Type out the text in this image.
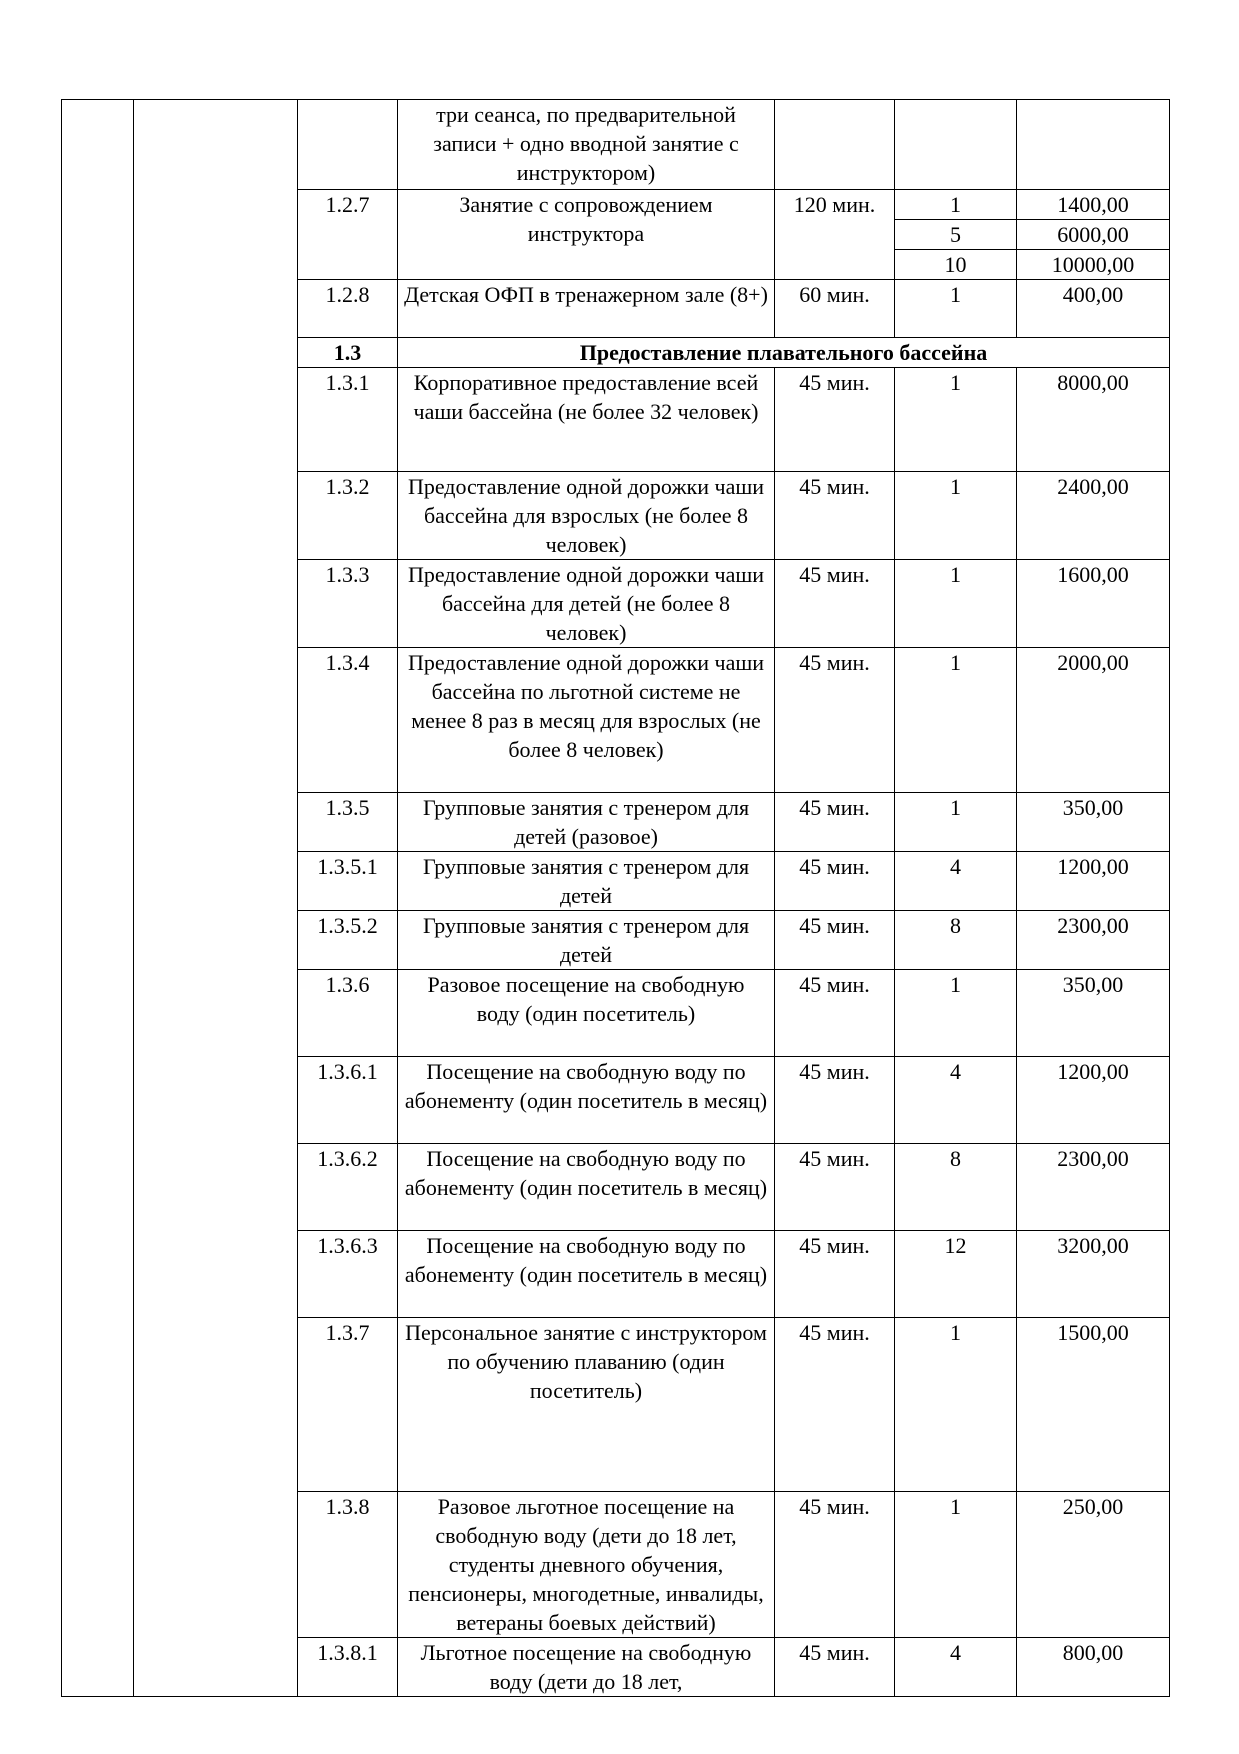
			три сеанса, по предварительной записи + одно вводной занятие с инструктором)			
		1.2.7	Занятие с сопровождением инструктора	120 мин.	1	1400,00
					5	6000,00
					10	10000,00
		1.2.8	Детская ОФП в тренажерном зале (8+)	60 мин.	1	400,00
		1.3	Предоставление плавательного бассейна			
		1.3.1	Корпоративное предоставление всей чаши бассейна (не более 32 человек)	45 мин.	1	8000,00
		1.3.2	Предоставление одной дорожки чаши бассейна для взрослых (не более 8 человек)	45 мин.	1	2400,00
		1.3.3	Предоставление одной дорожки чаши бассейна для детей (не более 8 человек)	45 мин.	1	1600,00
		1.3.4	Предоставление одной дорожки чаши бассейна по льготной системе не менее 8 раз в месяц для взрослых (не более 8 человек)	45 мин.	1	2000,00
		1.3.5	Групповые занятия с тренером для детей (разовое)	45 мин.	1	350,00
		1.3.5.1	Групповые занятия с тренером для детей	45 мин.	4	1200,00
		1.3.5.2	Групповые занятия с тренером для детей	45 мин.	8	2300,00
		1.3.6	Разовое посещение на свободную воду (один посетитель)	45 мин.	1	350,00
		1.3.6.1	Посещение на свободную воду по абонементу (один посетитель в месяц)	45 мин.	4	1200,00
		1.3.6.2	Посещение на свободную воду по абонементу (один посетитель в месяц)	45 мин.	8	2300,00
		1.3.6.3	Посещение на свободную воду по абонементу (один посетитель в месяц)	45 мин.	12	3200,00
		1.3.7	Персональное занятие с инструктором по обучению плаванию (один посетитель)	45 мин.	1	1500,00
		1.3.8	Разовое льготное посещение на свободную воду (дети до 18 лет, студенты дневного обучения, пенсионеры, многодетные, инвалиды, ветераны боевых действий)	45 мин.	1	250,00
		1.3.8.1	Льготное посещение на свободную воду (дети до 18 лет,	45 мин.	4	800,00
